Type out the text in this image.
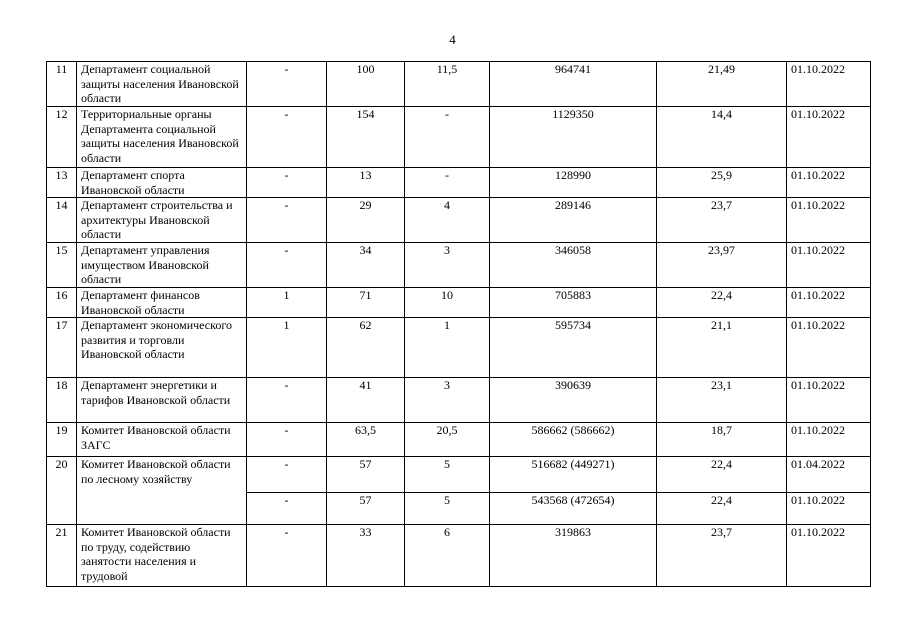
4
11	Департамент социальной защиты населения Ивановской области	-	100	11,5	964741	21,49	01.10.2022
12	Территориальные органы Департамента социальной защиты населения Ивановской области	-	154	-	1129350	14,4	01.10.2022
13	Департамент спорта Ивановской области	-	13	-	128990	25,9	01.10.2022
14	Департамент строительства и архитектуры Ивановской области	-	29	4	289146	23,7	01.10.2022
15	Департамент управления имуществом Ивановской области	-	34	3	346058	23,97	01.10.2022
16	Департамент финансов Ивановской области	1	71	10	705883	22,4	01.10.2022
17	Департамент экономического развития и торговли Ивановской области	1	62	1	595734	21,1	01.10.2022
18	Департамент энергетики и тарифов Ивановской области	-	41	3	390639	23,1	01.10.2022
19	Комитет Ивановской области ЗАГС	-	63,5	20,5	586662 (586662)	18,7	01.10.2022
20	Комитет Ивановской области по лесному хозяйству	-	57	5	516682 (449271)	22,4	01.04.2022
		-	57	5	543568 (472654)	22,4	01.10.2022
21	Комитет Ивановской области по труду, содействию занятости населения и трудовой	-	33	6	319863	23,7	01.10.2022
